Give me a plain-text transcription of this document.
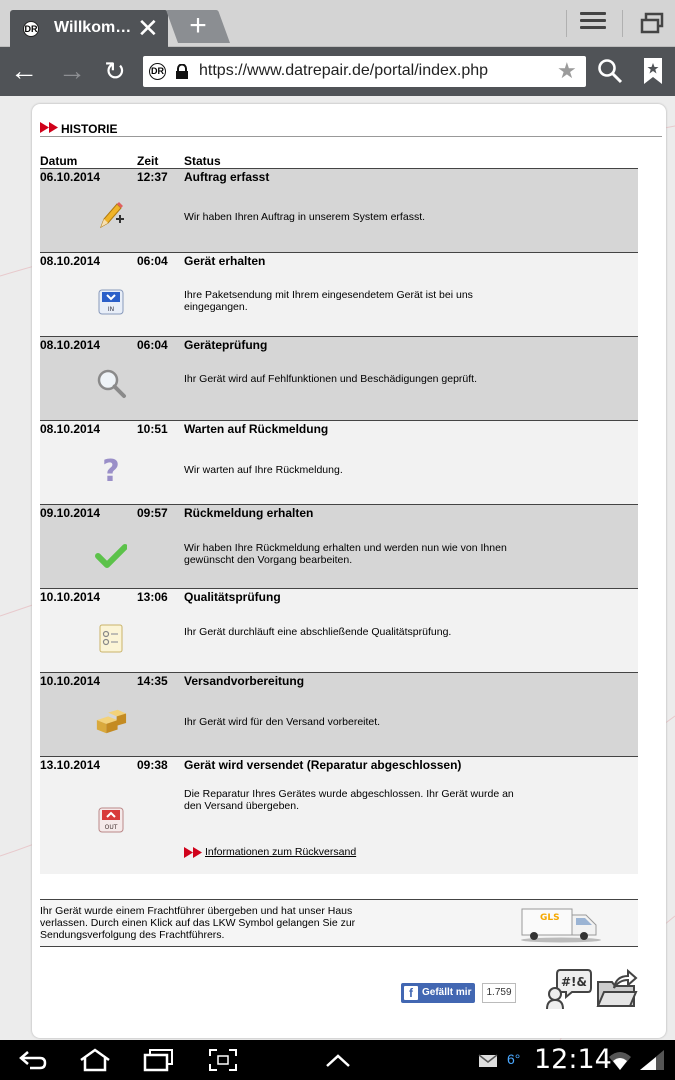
DR Willkom… ✕ +
← → ↻	DR https://www.datrepair.de/portal/index.php	★
HISTORIE
Datum	Zeit Status
06.10.2014	12:37 Auftrag erfasst
Wir haben Ihren Auftrag in unserem System erfasst.
08.10.2014	06:04 Gerät erhalten
IN
Ihre Paketsendung mit Ihrem eingesendetem Gerät ist bei uns eingegangen.
08.10.2014	06:04 Geräteprüfung
Ihr Gerät wird auf Fehlfunktionen und Beschädigungen geprüft.
08.10.2014	10:51 Warten auf Rückmeldung
?	Wir warten auf Ihre Rückmeldung.
09.10.2014	09:57 Rückmeldung erhalten
Wir haben Ihre Rückmeldung erhalten und werden nun wie von Ihnen gewünscht den Vorgang bearbeiten.
10.10.2014	13:06 Qualitätsprüfung
Ihr Gerät durchläuft eine abschließende Qualitätsprüfung.
10.10.2014	14:35 Versandvorbereitung
Ihr Gerät wird für den Versand vorbereitet.
13.10.2014	09:38 Gerät wird versendet (Reparatur abgeschlossen)
Die Reparatur Ihres Gerätes wurde abgeschlossen. Ihr Gerät wurde an den Versand übergeben.
OUT
Informationen zum Rückversand
Ihr Gerät wurde einem Frachtführer übergeben und hat unser Haus verlassen. Durch einen Klick auf das LKW Symbol gelangen Sie zur Sendungsverfolgung des Frachtführers.
GLS
f Gefällt mir	1.759
#!&
6° 12:14
